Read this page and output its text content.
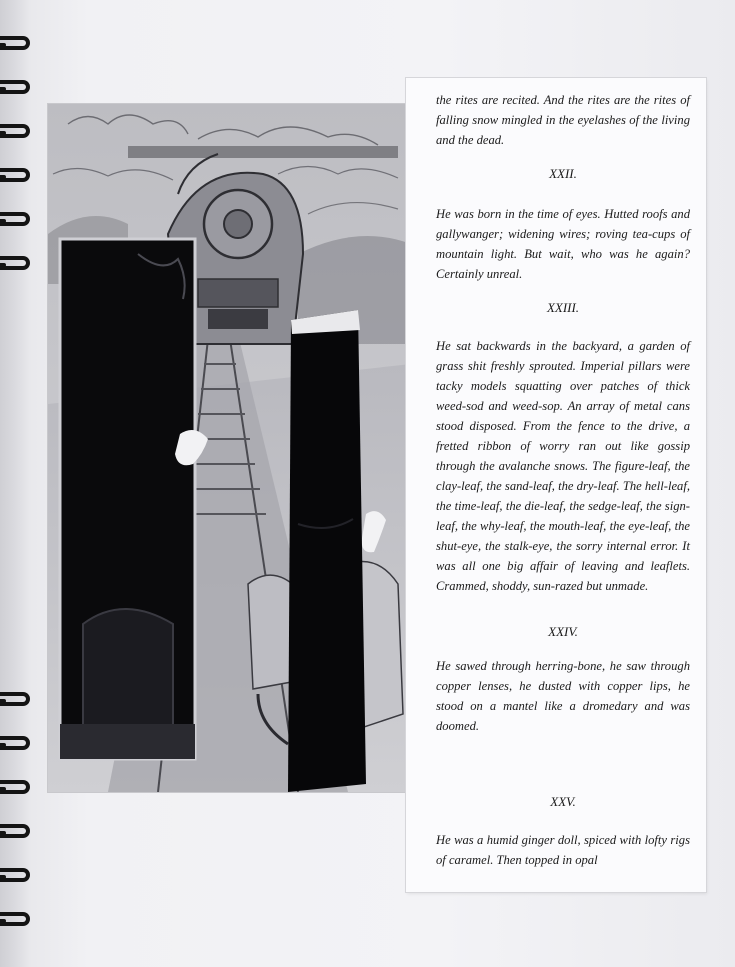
the rites are recited. And the rites are the rites of falling snow mingled in the eyelashes of the living and the dead.

XXII.

He was born in the time of eyes. Hutted roofs and gallywanger; widening wires; roving tea-cups of mountain light. But wait, who was he again? Certainly unreal.

XXIII.

He sat backwards in the backyard, a garden of grass shit freshly sprouted. Imperial pillars were tacky models squatting over patches of thick weed-sod and weed-sop. An array of metal cans stood disposed. From the fence to the drive, a fretted ribbon of worry ran out like gossip through the avalanche snows. The figure-leaf, the clay-leaf, the sand-leaf, the dry-leaf. The hell-leaf, the time-leaf, the die-leaf, the sedge-leaf, the sign-leaf, the why-leaf, the mouth-leaf, the eye-leaf, the shut-eye, the stalk-eye, the sorry internal error. It was all one big affair of leaving and leaflets. Crammed, shoddy, sun-razed but unmade.

XXIV.

He sawed through herring-bone, he saw through copper lenses, he dusted with copper lips, he stood on a mantel like a dromedary and was doomed.

XXV.

He was a humid ginger doll, spiced with lofty rigs of caramel. Then topped in opal
